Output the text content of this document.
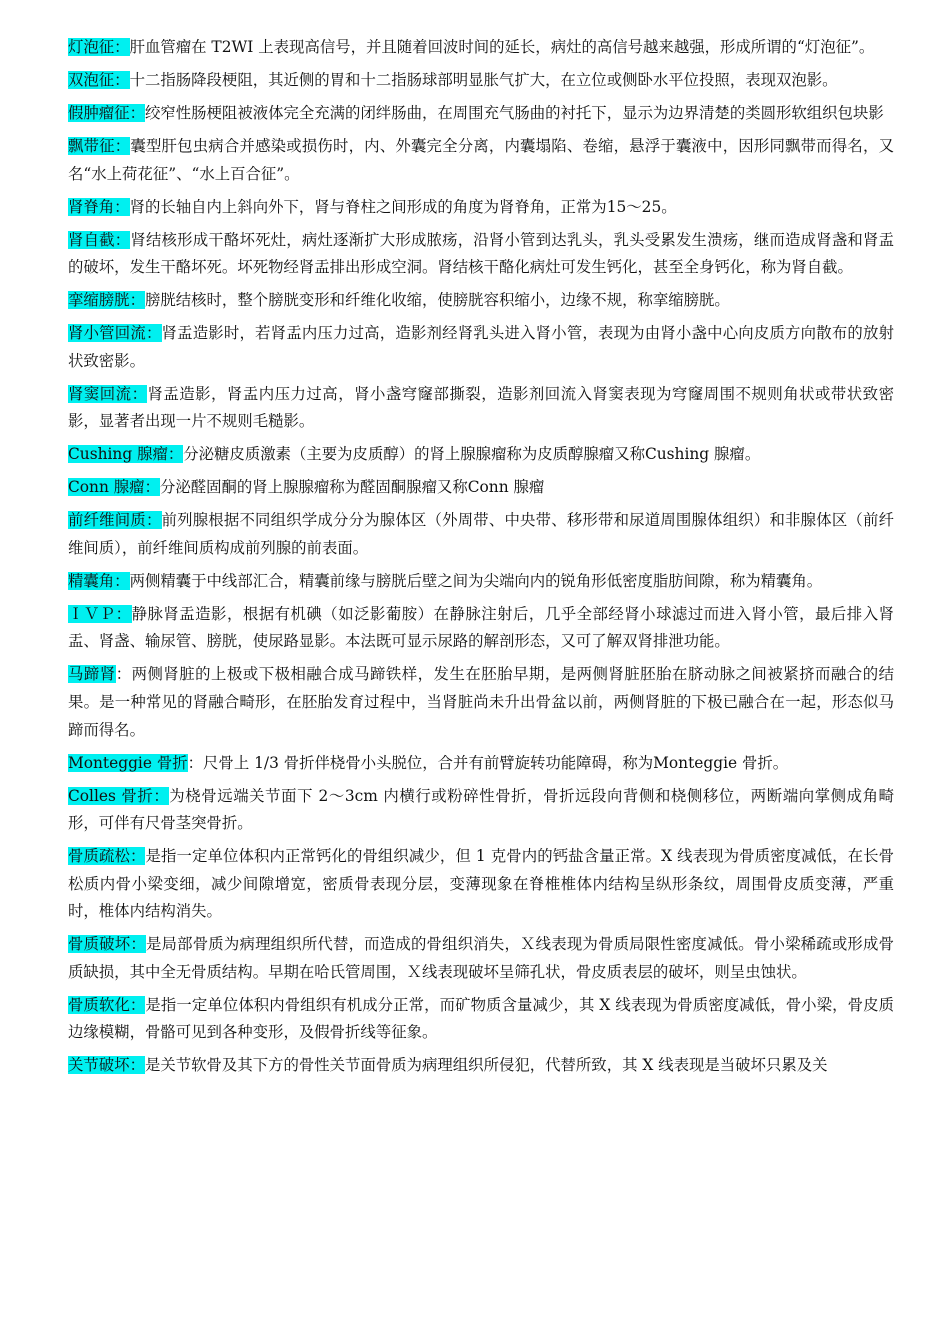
灯泡征：肝血管瘤在 T2WI 上表现高信号，并且随着回波时间的延长，病灶的高信号越来越强，形成所谓的“灯泡征”。

双泡征：十二指肠降段梗阻，其近侧的胃和十二指肠球部明显胀气扩大，在立位或侧卧水平位投照，表现双泡影。

假肿瘤征：绞窄性肠梗阻被液体完全充满的闭绊肠曲，在周围充气肠曲的衬托下，显示为边界清楚的类圆形软组织包块影

飘带征：囊型肝包虫病合并感染或损伤时，内、外囊完全分离，内囊塌陷、卷缩，悬浮于囊液中，因形同飘带而得名，又名“水上荷花征”、“水上百合征”。

肾脊角：肾的长轴自内上斜向外下，肾与脊柱之间形成的角度为肾脊角，正常为15～25。

肾自截：肾结核形成干酪坏死灶，病灶逐渐扩大形成脓疡，沿肾小管到达乳头，乳头受累发生溃疡，继而造成肾盏和肾盂的破坏，发生干酪坏死。坏死物经肾盂排出形成空洞。肾结核干酪化病灶可发生钙化，甚至全身钙化，称为肾自截。

挛缩膀胱：膀胱结核时，整个膀胱变形和纤维化收缩，使膀胱容积缩小，边缘不规，称挛缩膀胱。

肾小管回流：肾盂造影时，若肾盂内压力过高，造影剂经肾乳头进入肾小管，表现为由肾小盏中心向皮质方向散布的放射状致密影。

肾窦回流：肾盂造影，肾盂内压力过高，肾小盏穹窿部撕裂，造影剂回流入肾窦表现为穹窿周围不规则角状或带状致密影，显著者出现一片不规则毛糙影。

Cushing 腺瘤：分泌糖皮质激素（主要为皮质醇）的肾上腺腺瘤称为皮质醇腺瘤又称Cushing 腺瘤。

Conn 腺瘤：分泌醛固酮的肾上腺腺瘤称为醛固酮腺瘤又称Conn 腺瘤

前纤维间质：前列腺根据不同组织学成分分为腺体区（外周带、中央带、移形带和尿道周围腺体组织）和非腺体区（前纤维间质），前纤维间质构成前列腺的前表面。

精囊角：两侧精囊于中线部汇合，精囊前缘与膀胱后壁之间为尖端向内的锐角形低密度脂肪间隙，称为精囊角。

ＩＶＰ：静脉肾盂造影，根据有机碘（如泛影葡胺）在静脉注射后，几乎全部经肾小球滤过而进入肾小管，最后排入肾盂、肾盏、输尿管、膀胱，使尿路显影。本法既可显示尿路的解剖形态，又可了解双肾排泄功能。

马蹄肾：两侧肾脏的上极或下极相融合成马蹄铁样，发生在胚胎早期，是两侧肾脏胚胎在脐动脉之间被紧挤而融合的结果。是一种常见的肾融合畸形，在胚胎发育过程中，当肾脏尚未升出骨盆以前，两侧肾脏的下极已融合在一起，形态似马蹄而得名。

Monteggie 骨折：尺骨上 1/3 骨折伴桡骨小头脱位，合并有前臂旋转功能障碍，称为Monteggie 骨折。

Colles 骨折：为桡骨远端关节面下 2～3cm 内横行或粉碎性骨折，骨折远段向背侧和桡侧移位，两断端向掌侧成角畸形，可伴有尺骨茎突骨折。

骨质疏松：是指一定单位体积内正常钙化的骨组织减少，但 1 克骨内的钙盐含量正常。X 线表现为骨质密度减低，在长骨松质内骨小梁变细，减少间隙增宽，密质骨表现分层，变薄现象在脊椎椎体内结构呈纵形条纹，周围骨皮质变薄，严重时，椎体内结构消失。

骨质破坏：是局部骨质为病理组织所代替，而造成的骨组织消失，Ｘ线表现为骨质局限性密度减低。骨小梁稀疏或形成骨质缺损，其中全无骨质结构。早期在哈氏管周围，Ｘ线表现破坏呈筛孔状，骨皮质表层的破坏，则呈虫蚀状。

骨质软化：是指一定单位体积内骨组织有机成分正常，而矿物质含量减少，其 X 线表现为骨质密度减低，骨小梁，骨皮质边缘模糊，骨骼可见到各种变形，及假骨折线等征象。

关节破坏：是关节软骨及其下方的骨性关节面骨质为病理组织所侵犯，代替所致，其 X 线表现是当破坏只累及关
